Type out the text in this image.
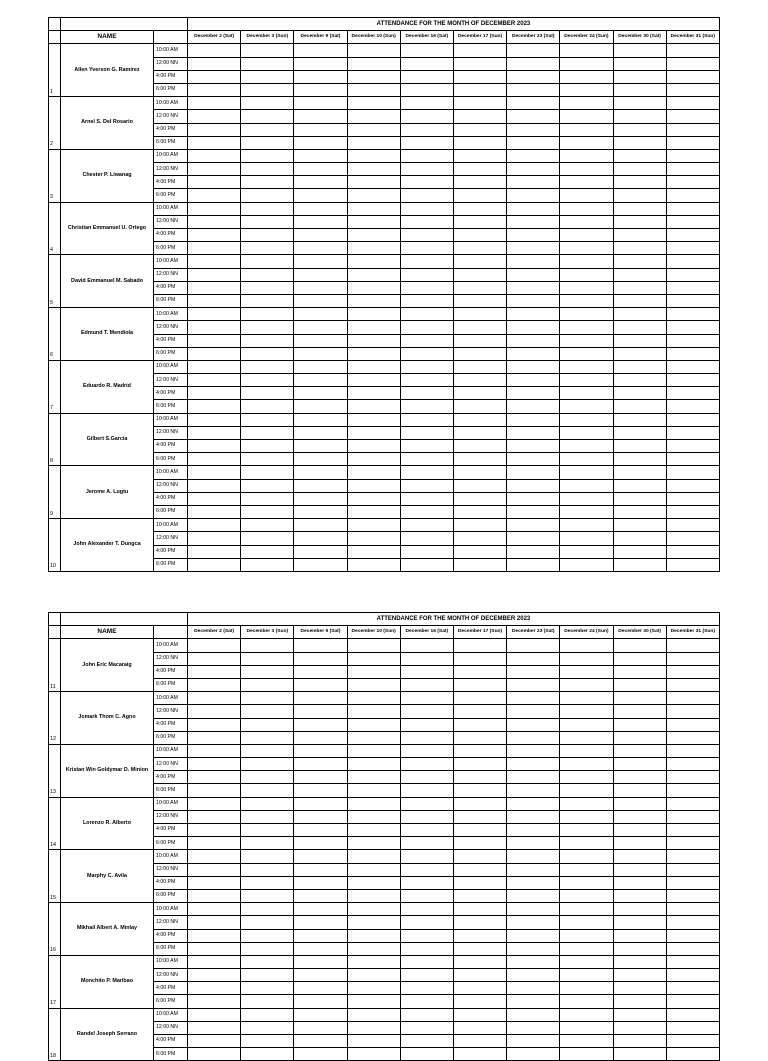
			ATTENDANCE FOR THE MONTH OF DECEMBER 2023									
	NAME		December 2 (Sat)	December 3 (Sun)	December 9 (Sat)	December 10 (Sun)	December 16 (Sat)	December 17 (Sun)	December 23 (Sat)	December 24 (Sun)	December 30 (Sat)	December 31 (Sun)
1	Allen Yverson G. Ramirez	10:00 AM										
		12:00 NN										
		4:00 PM										
		6:00 PM										
2	Arnel S. Del Rosario	10:00 AM										
		12:00 NN										
		4:00 PM										
		6:00 PM										
3	Chester P. Liwanag	10:00 AM										
		12:00 NN										
		4:00 PM										
		6:00 PM										
4	Christian Emmanuel U. Ortego	10:00 AM										
		12:00 NN										
		4:00 PM										
		6:00 PM										
5	David Emmanuel M. Sabado	10:00 AM										
		12:00 NN										
		4:00 PM										
		6:00 PM										
6	Edmund T. Mendiola	10:00 AM										
		12:00 NN										
		4:00 PM										
		6:00 PM										
7	Eduardo R. Madrid	10:00 AM										
		12:00 NN										
		4:00 PM										
		6:00 PM										
8	Gilbert S.Garcia	10:00 AM										
		12:00 NN										
		4:00 PM										
		6:00 PM										
9	Jerome A. Lugtu	10:00 AM										
		12:00 NN										
		4:00 PM										
		6:00 PM										
10	John Alexander T. Dungca	10:00 AM										
		12:00 NN										
		4:00 PM										
		6:00 PM										
			ATTENDANCE FOR THE MONTH OF DECEMBER 2023									
	NAME		December 2 (Sat)	December 3 (Sun)	December 9 (Sat)	December 10 (Sun)	December 16 (Sat)	December 17 (Sun)	December 23 (Sat)	December 24 (Sun)	December 30 (Sat)	December 31 (Sun)
11	John Eric Macaraig	10:00 AM										
		12:00 NN										
		4:00 PM										
		6:00 PM										
12	Jomark Thom C. Agno	10:00 AM										
		12:00 NN										
		4:00 PM										
		6:00 PM										
13	Kristan Win Goldymar D. Minion	10:00 AM										
		12:00 NN										
		4:00 PM										
		6:00 PM										
14	Lorenzo R. Alberto	10:00 AM										
		12:00 NN										
		4:00 PM										
		6:00 PM										
15	Marphy C. Avila	10:00 AM										
		12:00 NN										
		4:00 PM										
		6:00 PM										
16	Mikhail Albert A. Minlay	10:00 AM										
		12:00 NN										
		4:00 PM										
		6:00 PM										
17	Monchito P. Maribao	10:00 AM										
		12:00 NN										
		4:00 PM										
		6:00 PM										
18	Randel Joseph Serrano	10:00 AM										
		12:00 NN										
		4:00 PM										
		6:00 PM										
